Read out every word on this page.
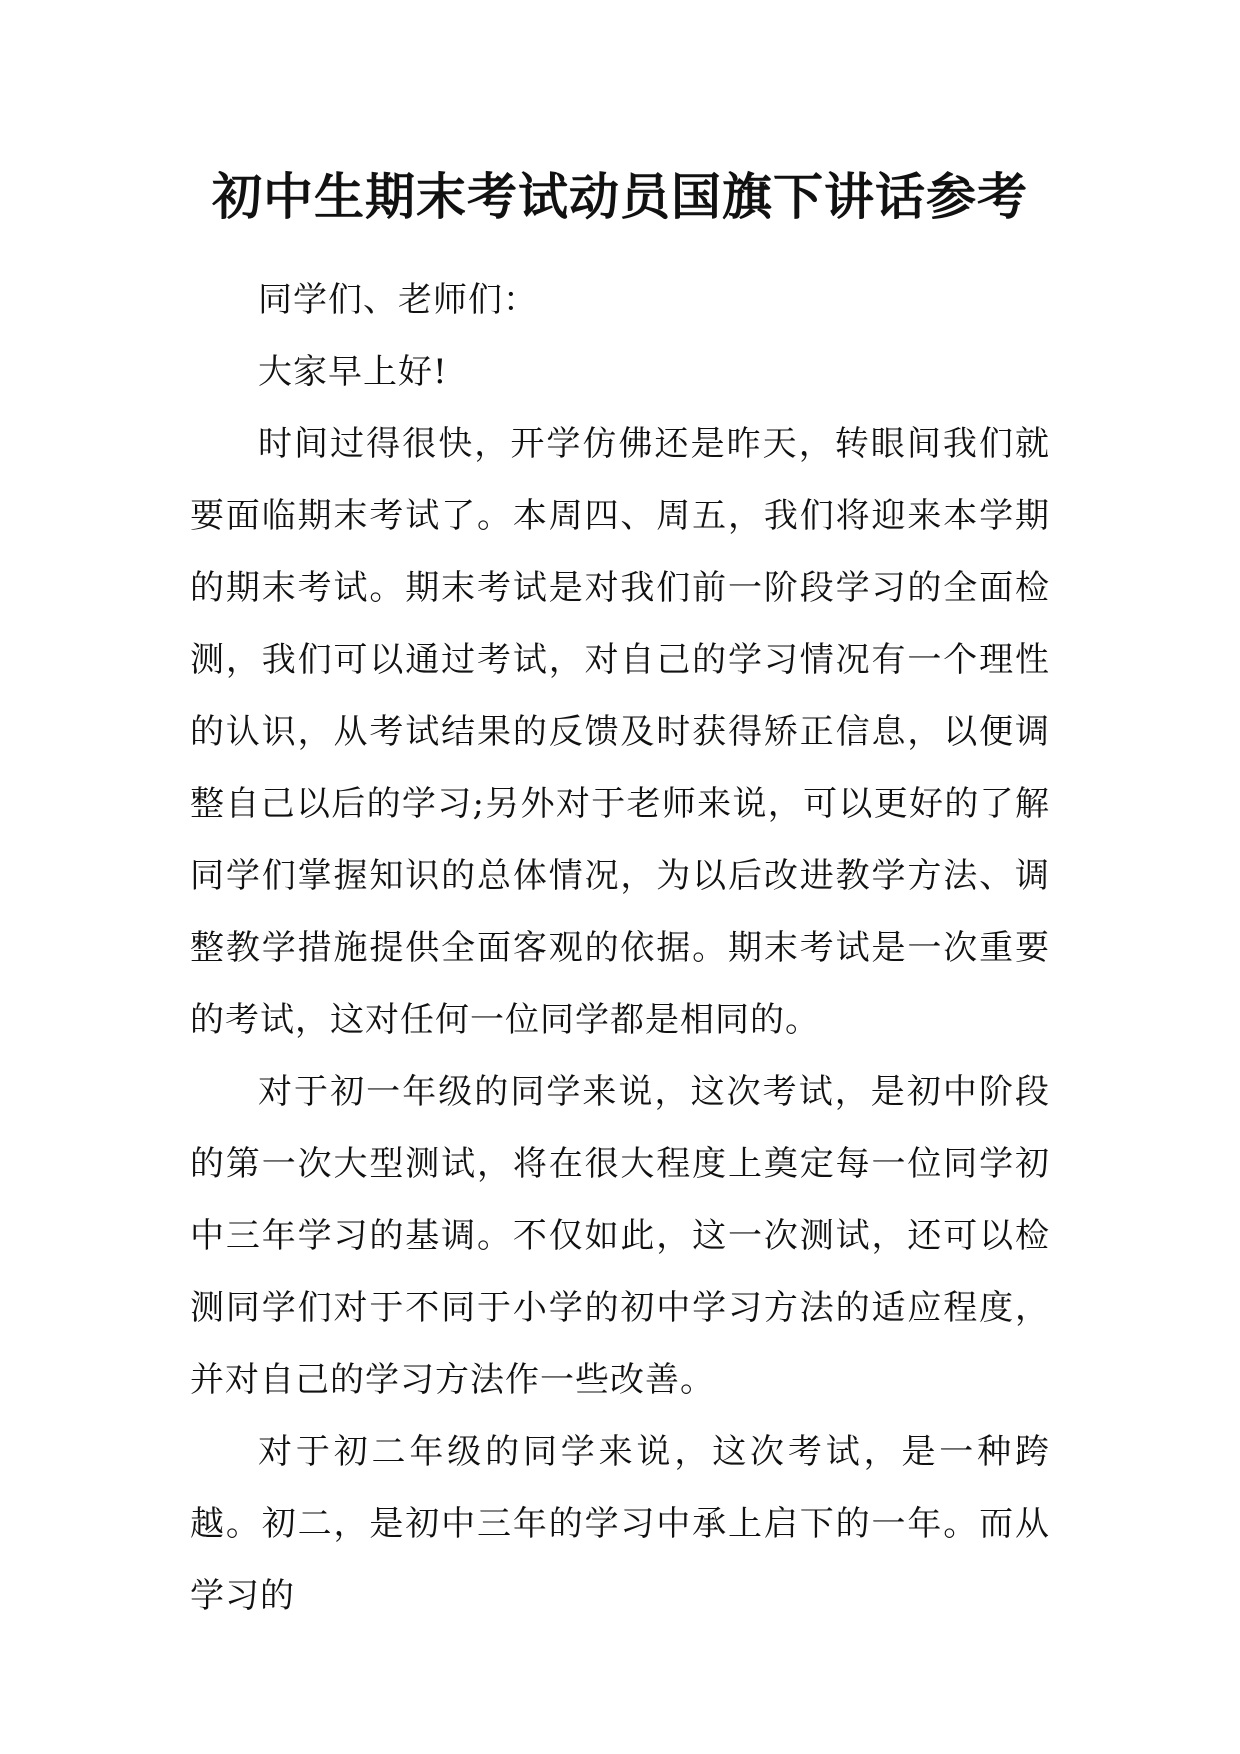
初中生期末考试动员国旗下讲话参考

同学们、老师们：

大家早上好!

时间过得很快，开学仿佛还是昨天，转眼间我们就要面临期末考试了。本周四、周五，我们将迎来本学期的期末考试。期末考试是对我们前一阶段学习的全面检测，我们可以通过考试，对自己的学习情况有一个理性的认识，从考试结果的反馈及时获得矫正信息，以便调整自己以后的学习;另外对于老师来说，可以更好的了解同学们掌握知识的总体情况，为以后改进教学方法、调整教学措施提供全面客观的依据。期末考试是一次重要的考试，这对任何一位同学都是相同的。

对于初一年级的同学来说，这次考试，是初中阶段的第一次大型测试，将在很大程度上奠定每一位同学初中三年学习的基调。不仅如此，这一次测试，还可以检测同学们对于不同于小学的初中学习方法的适应程度，并对自己的学习方法作一些改善。

对于初二年级的同学来说，这次考试，是一种跨越。初二，是初中三年的学习中承上启下的一年。而从学习的
